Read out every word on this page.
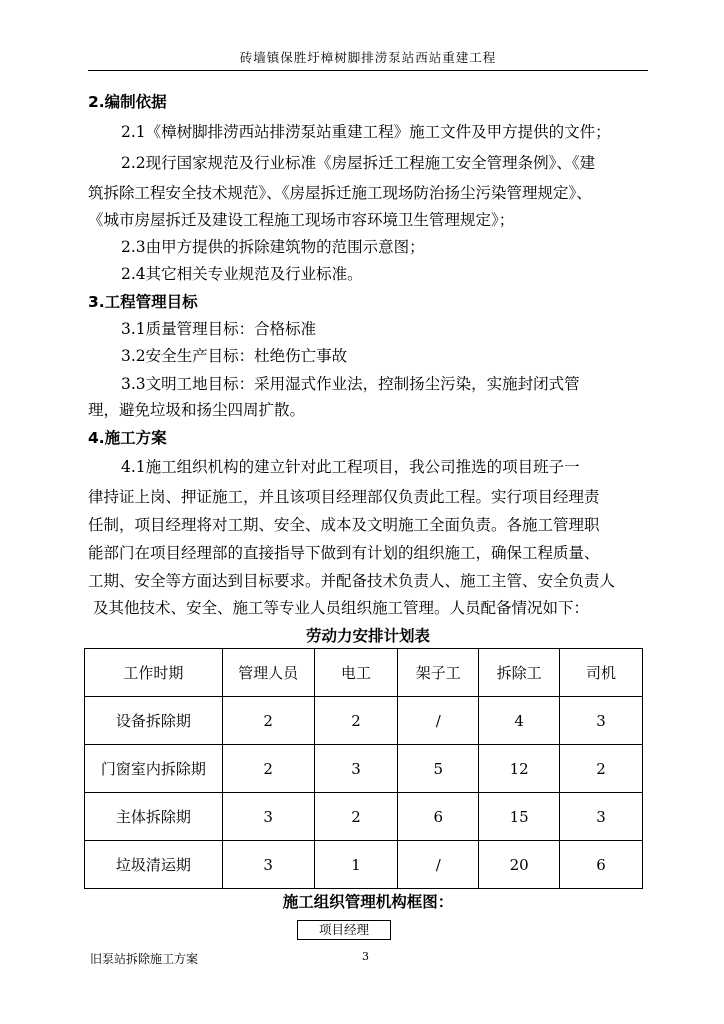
砖墙镇保胜圩樟树脚排涝泵站西站重建工程
2.编制依据
2.1《樟树脚排涝西站排涝泵站重建工程》施工文件及甲方提供的文件；
2.2现行国家规范及行业标准《房屋拆迁工程施工安全管理条例》、《建
筑拆除工程安全技术规范》、《房屋拆迁施工现场防治扬尘污染管理规定》、
《城市房屋拆迁及建设工程施工现场市容环境卫生管理规定》；
2.3由甲方提供的拆除建筑物的范围示意图；
2.4其它相关专业规范及行业标准。
3.工程管理目标
3.1质量管理目标：合格标准
3.2安全生产目标：杜绝伤亡事故
3.3文明工地目标：采用湿式作业法，控制扬尘污染，实施封闭式管
理，避免垃圾和扬尘四周扩散。
4.施工方案
4.1施工组织机构的建立针对此工程项目，我公司推选的项目班子一
律持证上岗、押证施工，并且该项目经理部仅负责此工程。实行项目经理责
任制，项目经理将对工期、安全、成本及文明施工全面负责。各施工管理职
能部门在项目经理部的直接指导下做到有计划的组织施工，确保工程质量、
工期、安全等方面达到目标要求。并配备技术负责人、施工主管、安全负责人
及其他技术、安全、施工等专业人员组织施工管理。人员配备情况如下：
劳动力安排计划表
工作时期	管理人员	电工	架子工	拆除工	司机
设备拆除期	2	2	/	4	3
门窗室内拆除期	2	3	5	12	2
主体拆除期	3	2	6	15	3
垃圾清运期	3	1	/	20	6
施工组织管理机构框图：
项目经理
旧泵站拆除施工方案	3
